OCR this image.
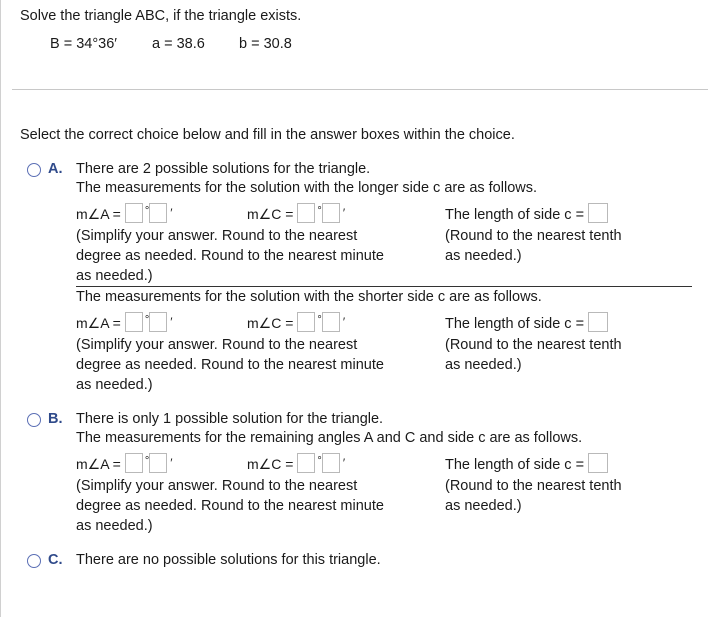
Solve the triangle ABC, if the triangle exists.
B = 34°36′ a = 38.6 b = 30.8
Select the correct choice below and fill in the answer boxes within the choice.
A. There are 2 possible solutions for the triangle.
The measurements for the solution with the longer side c are as follows.
m∠A = ° ′	m∠C = ° ′	The length of side c =
(Simplify your answer. Round to the nearest
degree as needed. Round to the nearest minute
as needed.)
(Round to the nearest tenth
as needed.)
The measurements for the solution with the shorter side c are as follows.
m∠A = ° ′	m∠C = ° ′	The length of side c =
(Simplify your answer. Round to the nearest
degree as needed. Round to the nearest minute
as needed.)
(Round to the nearest tenth
as needed.)
B. There is only 1 possible solution for the triangle.
The measurements for the remaining angles A and C and side c are as follows.
m∠A = ° ′	m∠C = ° ′	The length of side c =
(Simplify your answer. Round to the nearest
degree as needed. Round to the nearest minute
as needed.)
(Round to the nearest tenth
as needed.)
C. There are no possible solutions for this triangle.
